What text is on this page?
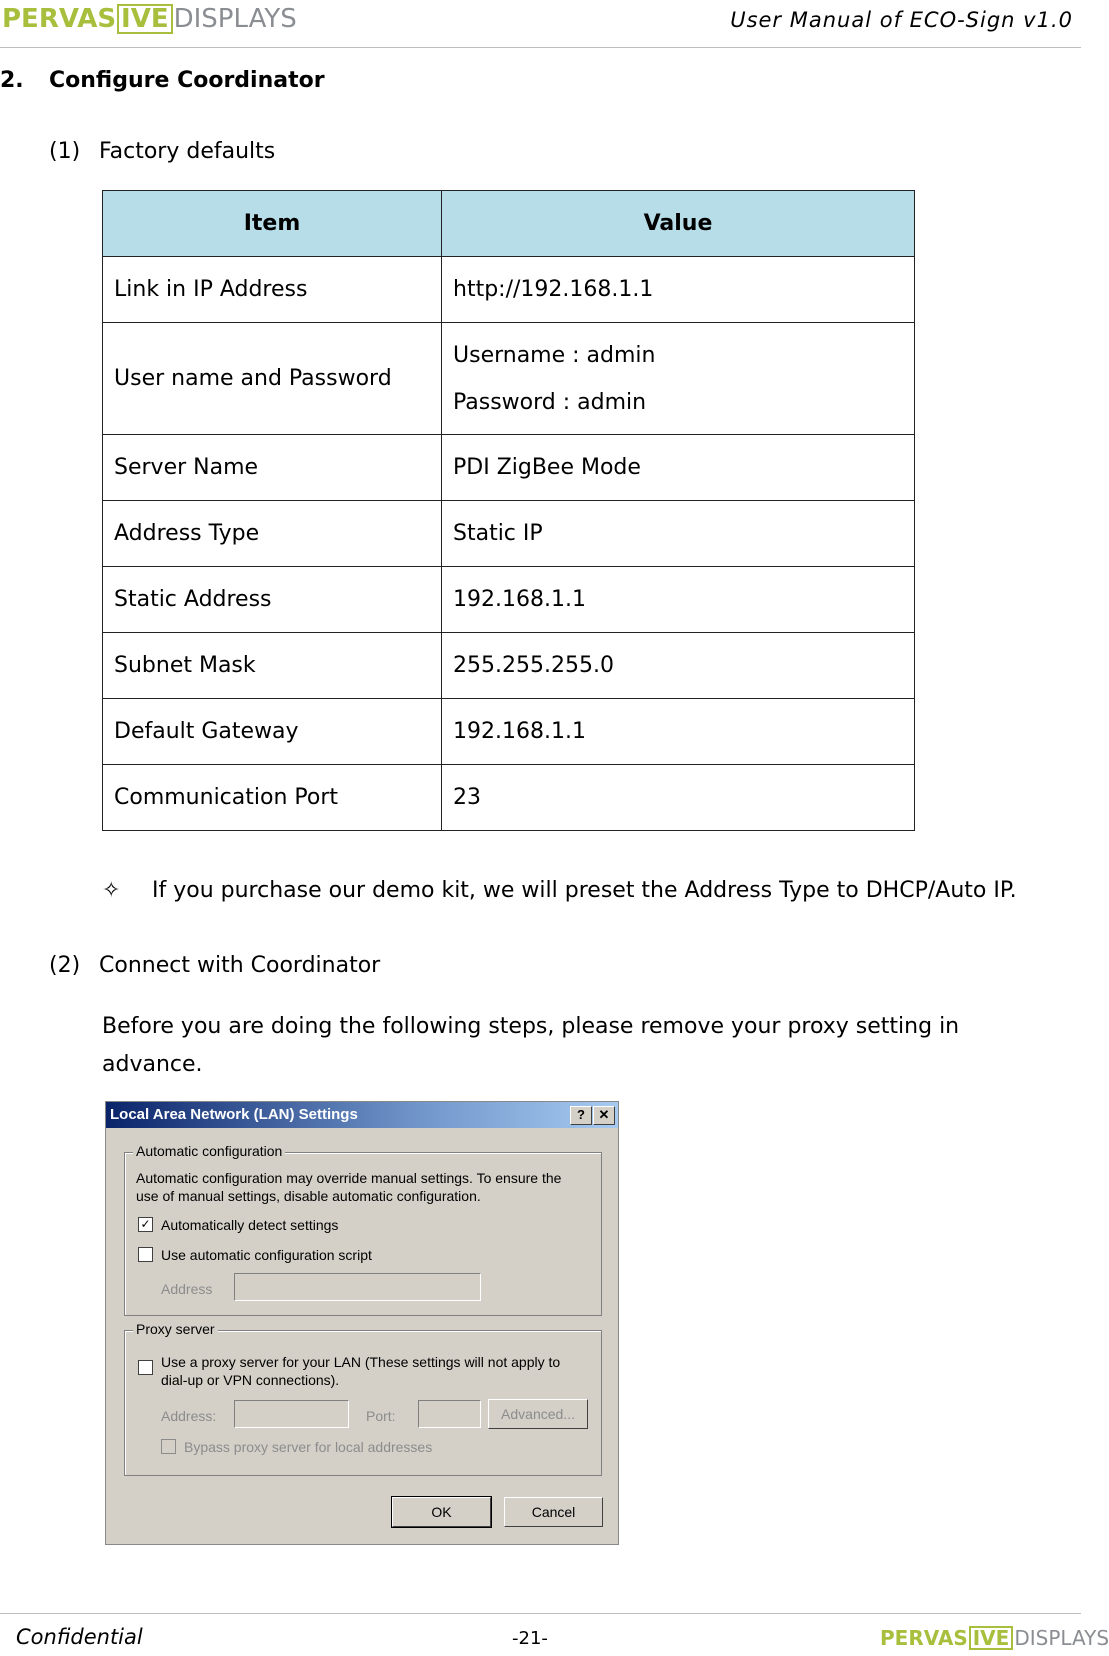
PERVAS IVE DISPLAYS	User Manual of ECO-Sign v1.0
2. Configure Coordinator
(1) Factory defaults
Item	Value
Link in IP Address	http://192.168.1.1
User name and Password	Username : admin
Password : admin

Server Name	PDI ZigBee Mode
Address Type	Static IP
Static Address	192.168.1.1
Subnet Mask	255.255.255.0
Default Gateway	192.168.1.1
Communication Port	23
✧ If you purchase our demo kit, we will preset the Address Type to DHCP/Auto IP.
(2) Connect with Coordinator
Before you are doing the following steps, please remove your proxy setting in advance.
Local Area Network (LAN) Settings	?	✕
Automatic configuration
Automatic configuration may override manual settings. To ensure the
use of manual settings, disable automatic configuration.
✓ Automatically detect settings
Use automatic configuration script
Address
Proxy server
Use a proxy server for your LAN (These settings will not apply to
dial-up or VPN connections).
Address:	Port:	Advanced...
Bypass proxy server for local addresses
OK	Cancel
Confidential	-21-	PERVAS IVE DISPLAYS
